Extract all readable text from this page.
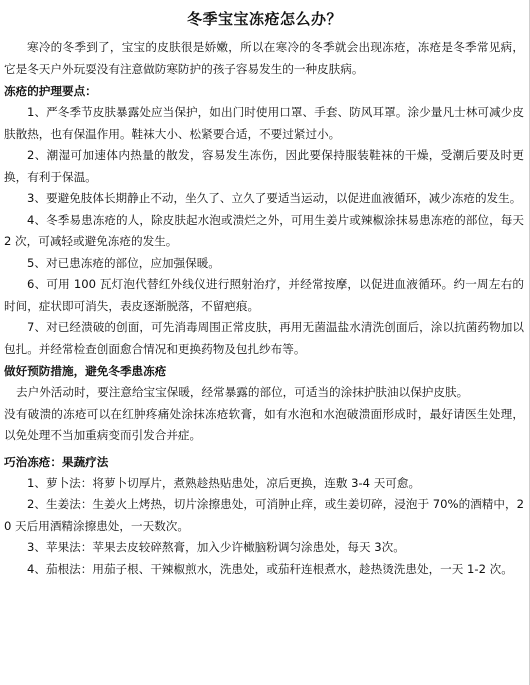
冬季宝宝冻疮怎么办？

寒冷的冬季到了，宝宝的皮肤很是娇嫩，所以在寒冷的冬季就会出现冻疮，冻疮是冬季常见病，它是冬天户外玩耍没有注意做防寒防护的孩子容易发生的一种皮肤病。

冻疮的护理要点：

1、严冬季节皮肤暴露处应当保护，如出门时使用口罩、手套、防风耳罩。涂少量凡士林可减少皮肤散热，也有保温作用。鞋袜大小、松紧要合适，不要过紧过小。

2、潮湿可加速体内热量的散发，容易发生冻伤，因此要保持服装鞋袜的干燥，受潮后要及时更换，有利于保温。

3、要避免肢体长期静止不动，坐久了、立久了要适当运动，以促进血液循环，减少冻疮的发生。

4、冬季易患冻疮的人，除皮肤起水泡或溃烂之外，可用生姜片或辣椒涂抹易患冻疮的部位，每天 2 次，可减轻或避免冻疮的发生。

5、对已患冻疮的部位，应加强保暖。

6、可用 100 瓦灯泡代替红外线仪进行照射治疗，并经常按摩，以促进血液循环。约一周左右的时间，症状即可消失，表皮逐渐脱落，不留疤痕。

7、对已经溃破的创面，可先消毒周围正常皮肤，再用无菌温盐水清洗创面后，涂以抗菌药物加以包扎。并经常检查创面愈合情况和更换药物及包扎纱布等。

做好预防措施，避免冬季患冻疮

去户外活动时，要注意给宝宝保暖，经常暴露的部位，可适当的涂抹护肤油以保护皮肤。

没有破溃的冻疮可以在红肿疼痛处涂抹冻疮软膏，如有水泡和水泡破溃面形成时，最好请医生处理，以免处理不当加重病变而引发合并症。

巧治冻疮：果蔬疗法

1、萝卜法：将萝卜切厚片，煮熟趁热贴患处，凉后更换，连敷 3-4 天可愈。

2、生姜法：生姜火上烤热，切片涂擦患处，可消肿止痒，或生姜切碎，浸泡于 70%的酒精中，20 天后用酒精涂擦患处，一天数次。

3、苹果法：苹果去皮较碎熬膏，加入少许橄脑粉调匀涂患处，每天 3次。

4、茄根法：用茄子根、干辣椒煎水，洗患处，或茄秆连根煮水，趁热烫洗患处，一天 1-2 次。
